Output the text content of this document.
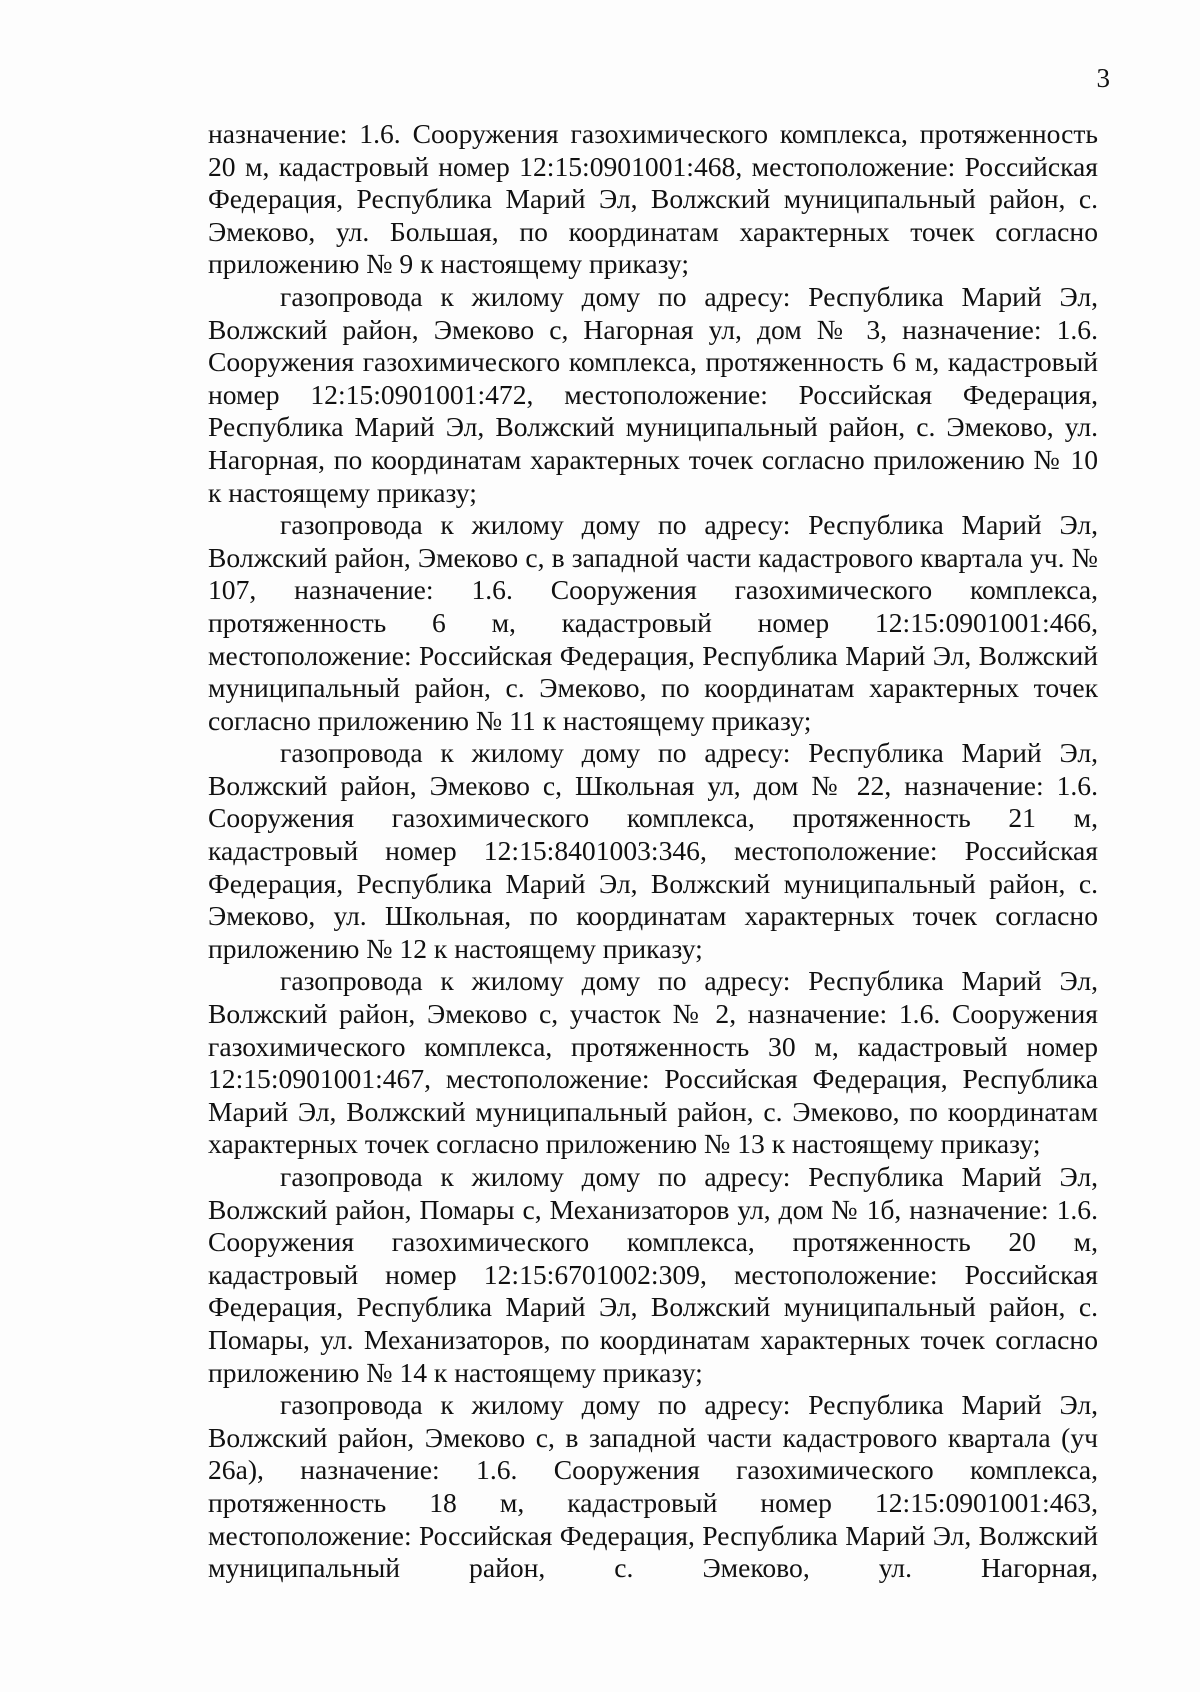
3

назначение: 1.6. Сооружения газохимического комплекса, протяженность 20 м, кадастровый номер 12:15:0901001:468, местоположение: Российская Федерация, Республика Марий Эл, Волжский муниципальный район, с. Эмеково, ул. Большая, по координатам характерных точек согласно приложению № 9 к настоящему приказу;

газопровода к жилому дому по адресу: Республика Марий Эл, Волжский район, Эмеково с, Нагорная ул, дом № 3, назначение: 1.6. Сооружения газохимического комплекса, протяженность 6 м, кадастровый номер 12:15:0901001:472, местоположение: Российская Федерация, Республика Марий Эл, Волжский муниципальный район, с. Эмеково, ул. Нагорная, по координатам характерных точек согласно приложению № 10 к настоящему приказу;

газопровода к жилому дому по адресу: Республика Марий Эл, Волжский район, Эмеково с, в западной части кадастрового квартала уч. № 107, назначение: 1.6. Сооружения газохимического комплекса, протяженность 6 м, кадастровый номер 12:15:0901001:466, местоположение: Российская Федерация, Республика Марий Эл, Волжский муниципальный район, с. Эмеково, по координатам характерных точек согласно приложению № 11 к настоящему приказу;

газопровода к жилому дому по адресу: Республика Марий Эл, Волжский район, Эмеково с, Школьная ул, дом № 22, назначение: 1.6. Сооружения газохимического комплекса, протяженность 21 м, кадастровый номер 12:15:8401003:346, местоположение: Российская Федерация, Республика Марий Эл, Волжский муниципальный район, с. Эмеково, ул. Школьная, по координатам характерных точек согласно приложению № 12 к настоящему приказу;

газопровода к жилому дому по адресу: Республика Марий Эл, Волжский район, Эмеково с, участок № 2, назначение: 1.6. Сооружения газохимического комплекса, протяженность 30 м, кадастровый номер 12:15:0901001:467, местоположение: Российская Федерация, Республика Марий Эл, Волжский муниципальный район, с. Эмеково, по координатам характерных точек согласно приложению № 13 к настоящему приказу;

газопровода к жилому дому по адресу: Республика Марий Эл, Волжский район, Помары с, Механизаторов ул, дом № 1б, назначение: 1.6. Сооружения газохимического комплекса, протяженность 20 м, кадастровый номер 12:15:6701002:309, местоположение: Российская Федерация, Республика Марий Эл, Волжский муниципальный район, с. Помары, ул. Механизаторов, по координатам характерных точек согласно приложению № 14 к настоящему приказу;

газопровода к жилому дому по адресу: Республика Марий Эл, Волжский район, Эмеково с, в западной части кадастрового квартала (уч 26а), назначение: 1.6. Сооружения газохимического комплекса, протяженность 18 м, кадастровый номер 12:15:0901001:463, местоположение: Российская Федерация, Республика Марий Эл, Волжский муниципальный район, с. Эмеково, ул. Нагорная,
